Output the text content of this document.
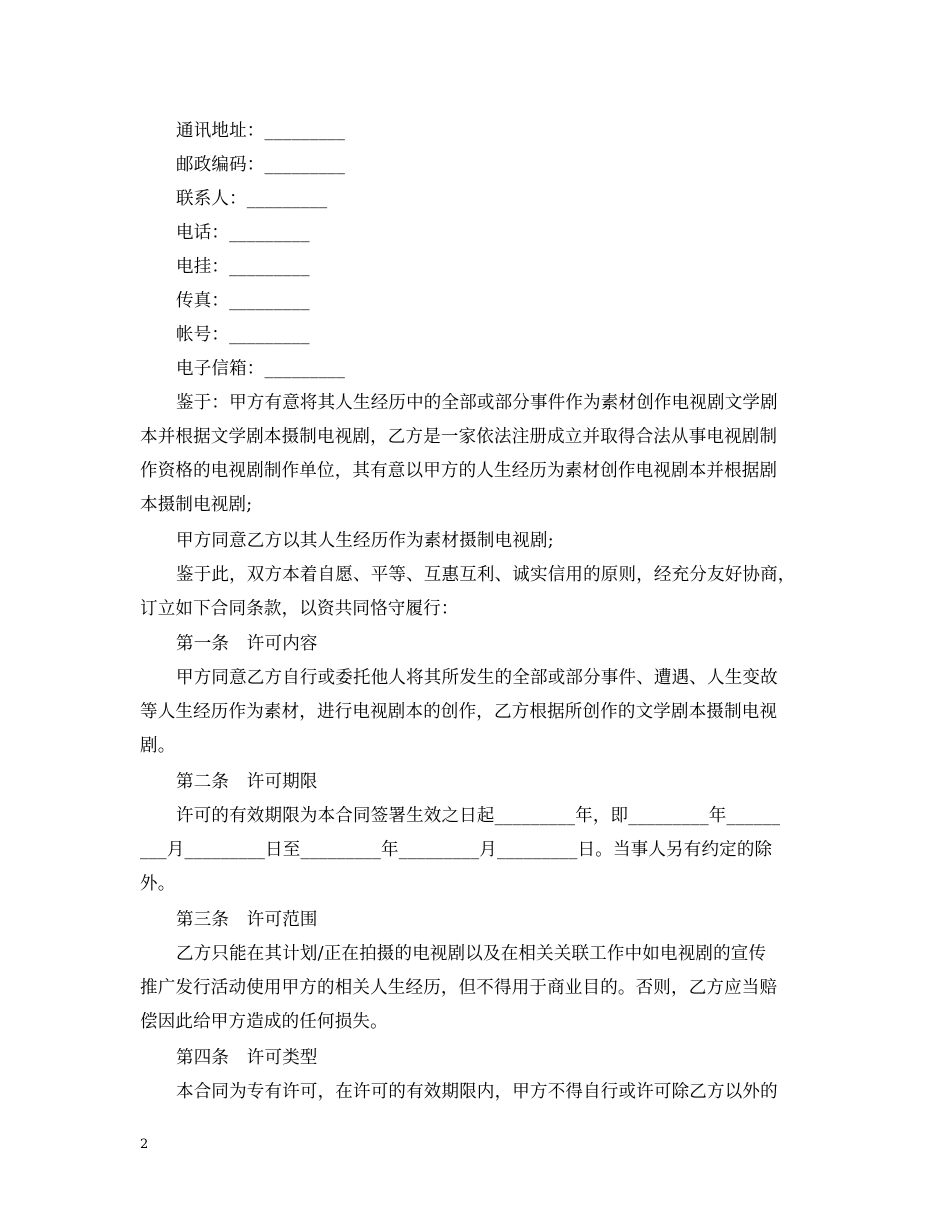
通讯地址：_________
邮政编码：_________
联系人：_________
电话：_________
电挂：_________
传真：_________
帐号：_________
电子信箱：_________
鉴于：甲方有意将其人生经历中的全部或部分事件作为素材创作电视剧文学剧
本并根据文学剧本摄制电视剧，乙方是一家依法注册成立并取得合法从事电视剧制
作资格的电视剧制作单位，其有意以甲方的人生经历为素材创作电视剧本并根据剧
本摄制电视剧;
甲方同意乙方以其人生经历作为素材摄制电视剧;
鉴于此，双方本着自愿、平等、互惠互利、诚实信用的原则，经充分友好协商，
订立如下合同条款，以资共同恪守履行：
第一条　许可内容
甲方同意乙方自行或委托他人将其所发生的全部或部分事件、遭遇、人生变故
等人生经历作为素材，进行电视剧本的创作，乙方根据所创作的文学剧本摄制电视
剧。
第二条　许可期限
许可的有效期限为本合同签署生效之日起_________年，即_________年______
___月_________日至_________年_________月_________日。当事人另有约定的除
外。
第三条　许可范围
乙方只能在其计划/正在拍摄的电视剧以及在相关关联工作中如电视剧的宣传
推广发行活动使用甲方的相关人生经历，但不得用于商业目的。否则，乙方应当赔
偿因此给甲方造成的任何损失。
第四条　许可类型
本合同为专有许可，在许可的有效期限内，甲方不得自行或许可除乙方以外的
2
